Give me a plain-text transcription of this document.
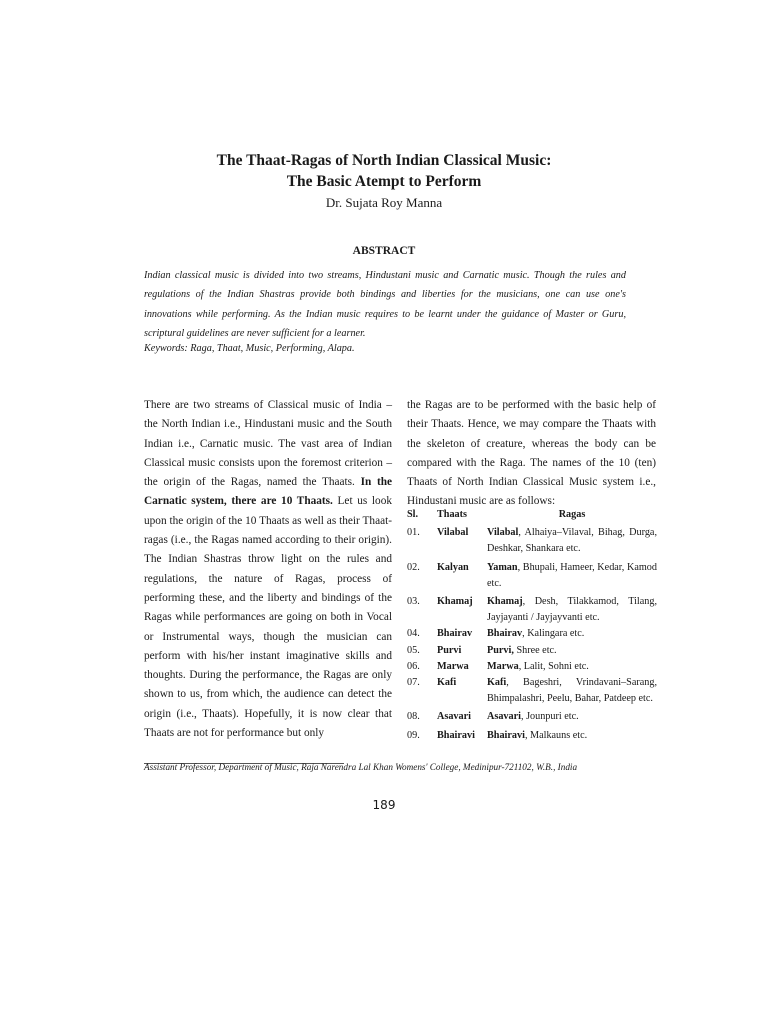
The Thaat-Ragas of North Indian Classical Music:
The Basic Atempt to Perform
Dr. Sujata Roy Manna
ABSTRACT

Indian classical music is divided into two streams, Hindustani music and Carnatic music. Though the rules and regulations of the Indian Shastras provide both bindings and liberties for the musicians, one can use one's innovations while performing. As the Indian music requires to be learnt under the guidance of Master or Guru, scriptural guidelines are never sufficient for a learner.

Keywords: Raga, Thaat, Music, Performing, Alapa.

There are two streams of Classical music of India – the North Indian i.e., Hindustani music and the South Indian i.e., Carnatic music. The vast area of Indian Classical music consists upon the foremost criterion – the origin of the Ragas, named the Thaats. In the Carnatic system, there are 10 Thaats. Let us look upon the origin of the 10 Thaats as well as their Thaat-ragas (i.e., the Ragas named according to their origin). The Indian Shastras throw light on the rules and regulations, the nature of Ragas, process of performing these, and the liberty and bindings of the Ragas while performances are going on both in Vocal or Instrumental ways, though the musician can perform with his/her instant imaginative skills and thoughts. During the performance, the Ragas are only shown to us, from which, the audience can detect the origin (i.e., Thaats). Hopefully, it is now clear that Thaats are not for performance but only

the Ragas are to be performed with the basic help of their Thaats. Hence, we may compare the Thaats with the skeleton of creature, whereas the body can be compared with the Raga. The names of the 10 (ten) Thaats of North Indian Classical Music system i.e., Hindustani music are as follows:

Sl.	Thaats	Ragas
01.	Vilabal	Vilabal, Alhaiya–Vilaval, Bihag, Durga, Deshkar, Shankara etc.
02.	Kalyan	Yaman, Bhupali, Hameer, Kedar, Kamod etc.
03.	Khamaj	Khamaj, Desh, Tilakkamod, Tilang, Jayjayanti / Jayjayvanti etc.
04.	Bhairav	Bhairav, Kalingara etc.
05.	Purvi	Purvi, Shree etc.
06.	Marwa	Marwa, Lalit, Sohni etc.
07.	Kafi	Kafi, Bageshri, Vrindavani–Sarang, Bhimpalashri, Peelu, Bahar, Patdeep etc.
08.	Asavari	Asavari, Jounpuri etc.
09.	Bhairavi	Bhairavi, Malkauns etc.

Assistant Professor, Department of Music, Raja Narendra Lal Khan Womens' College, Medinipur-721102, W.B., India

189
